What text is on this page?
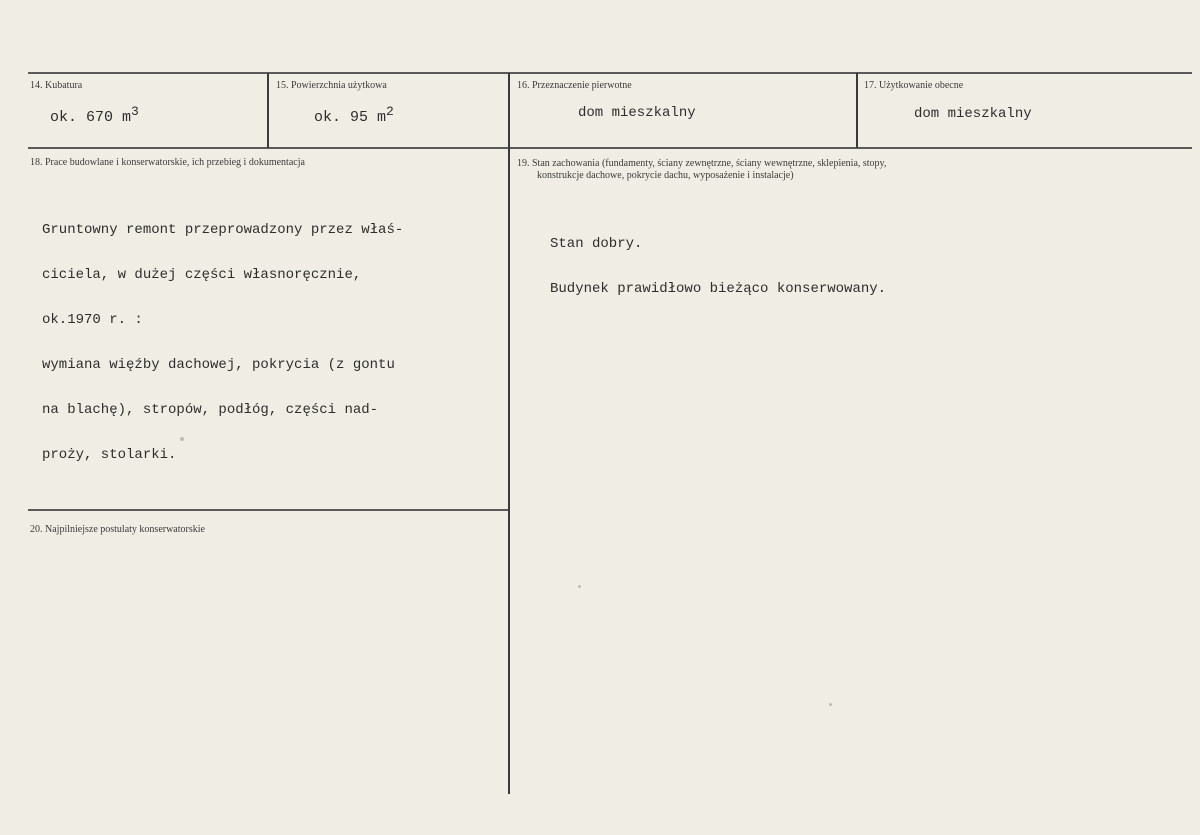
14. Kubatura
ok. 670 $m^3$
15. Powierzchnia użytkowa
ok. 95 $m^2$
16. Przeznaczenie pierwotne
dom mieszkalny
17. Użytkowanie obecne
dom mieszkalny
18. Prace budowlane i konserwatorskie, ich przebieg i dokumentacja

Gruntowny remont przeprowadzony przez właś-

ciciela, w dużej części własnoręcznie,

ok.1970 r. :

wymiana więźby dachowej, pokrycia (z gontu

na blachę), stropów, podłóg, części nad-

proży, stolarki.

19. Stan zachowania (fundamenty, ściany zewnętrzne, ściany wewnętrzne, sklepienia, stopy,
konstrukcje dachowe, pokrycie dachu, wyposażenie i instalacje)

Stan dobry.

Budynek prawidłowo bieżąco konserwowany.

20. Najpilniejsze postulaty konserwatorskie
